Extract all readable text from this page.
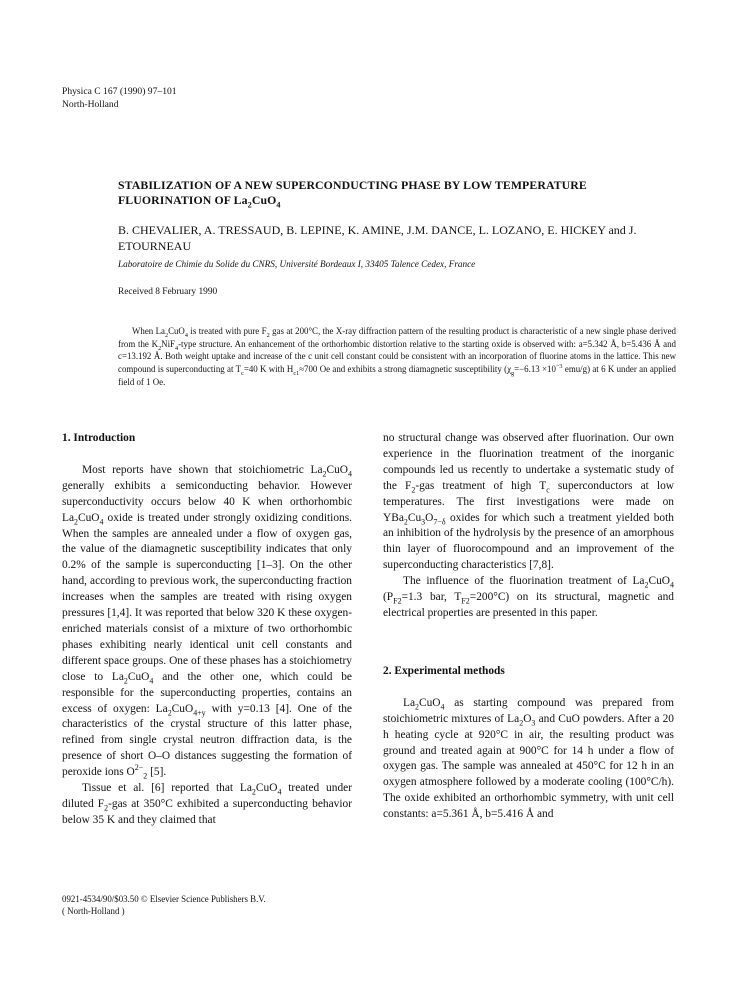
Physica C 167 (1990) 97–101
North-Holland
STABILIZATION OF A NEW SUPERCONDUCTING PHASE BY LOW TEMPERATURE
FLUORINATION OF $La_2CuO_4$
B. CHEVALIER, A. TRESSAUD, B. LEPINE, K. AMINE, J.M. DANCE, L. LOZANO, E. HICKEY and J. ETOURNEAU
Laboratoire de Chimie du Solide du CNRS, Université Bordeaux I, 33405 Talence Cedex, France
Received 8 February 1990

When $La_2CuO_4$ is treated with pure $F_2$ gas at 200°C, the X-ray diffraction pattern of the resulting product is characteristic of a new single phase derived from the $K_2NiF_4$-type structure. An enhancement of the orthorhombic distortion relative to the starting oxide is observed with: a=5.342 Å, b=5.436 Å and c=13.192 Å. Both weight uptake and increase of the c unit cell constant could be consistent with an incorporation of fluorine atoms in the lattice. This new compound is superconducting at $T_c=40$ K with $H_{c1}\approx 700$ Oe and exhibits a strong diamagnetic susceptibility ($\chi_g=-6.13 \times 10^{-3}$ emu/g) at 6 K under an applied field of 1 Oe.

1. Introduction

Most reports have shown that stoichiometric $La_2CuO_4$ generally exhibits a semiconducting behavior. However superconductivity occurs below 40 K when orthorhombic $La_2CuO_4$ oxide is treated under strongly oxidizing conditions. When the samples are annealed under a flow of oxygen gas, the value of the diamagnetic susceptibility indicates that only 0.2% of the sample is superconducting [1–3]. On the other hand, according to previous work, the superconducting fraction increases when the samples are treated with rising oxygen pressures [1,4]. It was reported that below 320 K these oxygen-enriched materials consist of a mixture of two orthorhombic phases exhibiting nearly identical unit cell constants and different space groups. One of these phases has a stoichiometry close to $La_2CuO_4$ and the other one, which could be responsible for the superconducting properties, contains an excess of oxygen: $La_2CuO_{4+y}$ with y=0.13 [4]. One of the characteristics of the crystal structure of this latter phase, refined from single crystal neutron diffraction data, is the presence of short O–O distances suggesting the formation of peroxide ions $O^{2-}_2$ [5].

Tissue et al. [6] reported that $La_2CuO_4$ treated under diluted $F_2$-gas at 350°C exhibited a superconducting behavior below 35 K and they claimed that

no structural change was observed after fluorination. Our own experience in the fluorination treatment of the inorganic compounds led us recently to undertake a systematic study of the $F_2$-gas treatment of high $T_c$ superconductors at low temperatures. The first investigations were made on $YBa_2Cu_3O_{7-\delta}$ oxides for which such a treatment yielded both an inhibition of the hydrolysis by the presence of an amorphous thin layer of fluorocompound and an improvement of the superconducting characteristics [7,8].

The influence of the fluorination treatment of $La_2CuO_4$ ($P_{F2}=1.3$ bar, $T_{F2}=200^\circ C$) on its structural, magnetic and electrical properties are presented in this paper.

2. Experimental methods

$La_2CuO_4$ as starting compound was prepared from stoichiometric mixtures of $La_2O_3$ and CuO powders. After a 20 h heating cycle at 920°C in air, the resulting product was ground and treated again at 900°C for 14 h under a flow of oxygen gas. The sample was annealed at 450°C for 12 h in an oxygen atmosphere followed by a moderate cooling (100°C/h). The oxide exhibited an orthorhombic symmetry, with unit cell constants: a=5.361 Å, b=5.416 Å and

0921-4534/90/$03.50 © Elsevier Science Publishers B.V.
( North-Holland )
